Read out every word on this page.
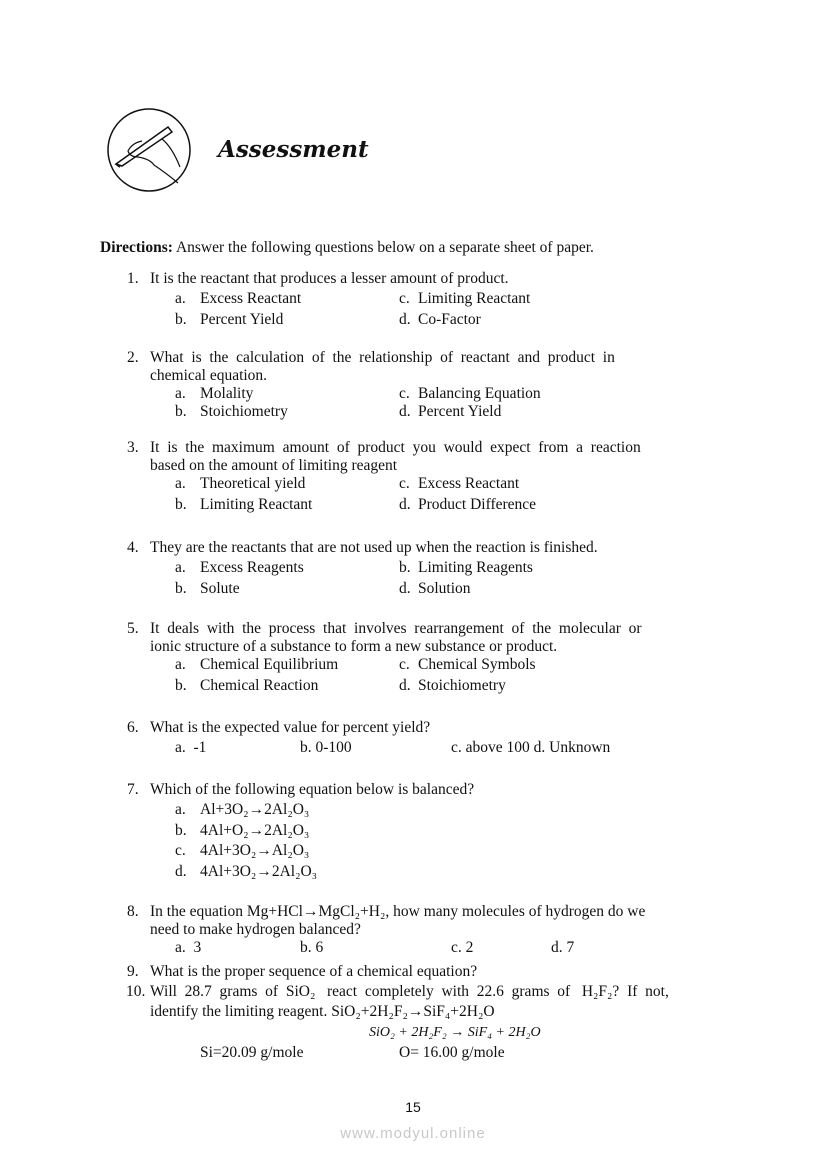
Assessment
Directions: Answer the following questions below on a separate sheet of paper.
1. It is the reactant that produces a lesser amount of product.
a. Excess Reactant	c. Limiting Reactant
b. Percent Yield	d. Co-Factor
2. What  is  the  calculation  of  the  relationship  of  reactant  and  product  in
chemical equation.
a. Molality	c. Balancing Equation
b. Stoichiometry	d. Percent Yield
3. It  is  the  maximum  amount  of  product  you  would  expect  from  a  reaction
based on the amount of limiting reagent
a. Theoretical yield	c. Excess Reactant
b. Limiting Reactant	d. Product Difference
4. They are the reactants that are not used up when the reaction is finished.
a. Excess Reagents	b. Limiting Reagents
b. Solute	d. Solution
5. It  deals  with  the  process  that  involves  rearrangement  of  the  molecular  or
ionic structure of a substance to form a new substance or product.
a. Chemical Equilibrium	c. Chemical Symbols
b. Chemical Reaction	d. Stoichiometry
6. What is the expected value for percent yield?
a.  -1	b. 0-100	c. above 100 d. Unknown
7. Which of the following equation below is balanced?
a. Al+3O₂→2Al₂O₃
b. 4Al+O₂→2Al₂O₃
c. 4Al+3O₂→Al₂O₃
d. 4Al+3O₂→2Al₂O₃
8. In the equation Mg+HCl→MgCl₂+H₂, how many molecules of hydrogen do we
need to make hydrogen balanced?
a.  3	b. 6	c. 2	d. 7
9. What is the proper sequence of a chemical equation?
10. Will  28.7  grams  of  SiO₂   react  completely  with  22.6  grams  of   H₂F₂?  If  not,
identify the limiting reagent. SiO₂+2H₂F₂→SiF₄+2H₂O
SiO₂ + 2H₂F₂ → SiF₄ + 2H₂O
Si=20.09 g/mole	O= 16.00 g/mole
15
www.modyul.online
